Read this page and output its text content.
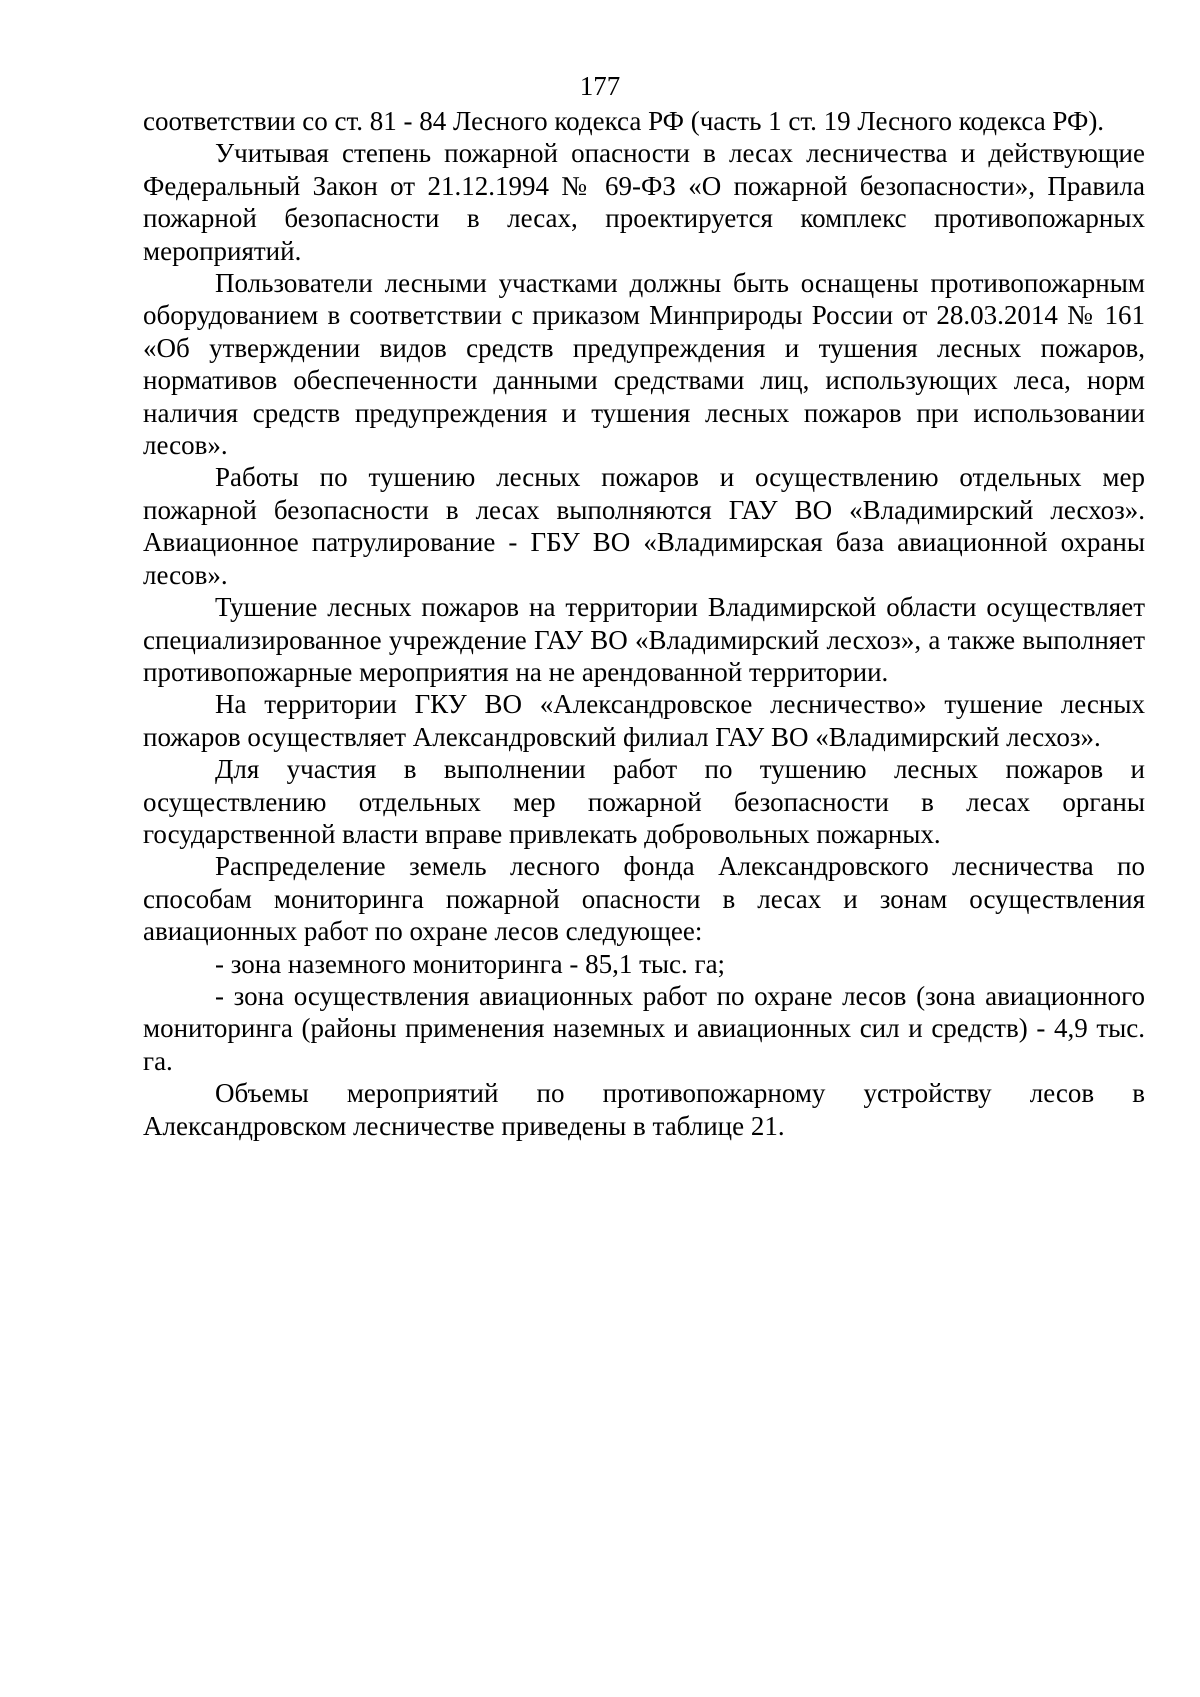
177

соответствии со ст. 81 - 84 Лесного кодекса РФ (часть 1 ст. 19 Лесного кодекса РФ).

Учитывая степень пожарной опасности в лесах лесничества и действующие Федеральный Закон от 21.12.1994 № 69-ФЗ «О пожарной безопасности», Правила пожарной безопасности в лесах, проектируется комплекс противопожарных мероприятий.

Пользователи лесными участками должны быть оснащены противопожарным оборудованием в соответствии с приказом Минприроды России от 28.03.2014 № 161 «Об утверждении видов средств предупреждения и тушения лесных пожаров, нормативов обеспеченности данными средствами лиц, использующих леса, норм наличия средств предупреждения и тушения лесных пожаров при использовании лесов».

Работы по тушению лесных пожаров и осуществлению отдельных мер пожарной безопасности в лесах выполняются ГАУ ВО «Владимирский лесхоз». Авиационное патрулирование - ГБУ ВО «Владимирская база авиационной охраны лесов».

Тушение лесных пожаров на территории Владимирской области осуществляет специализированное учреждение ГАУ ВО «Владимирский лесхоз», а также выполняет противопожарные мероприятия на не арендованной территории.

На территории ГКУ ВО «Александровское лесничество» тушение лесных пожаров осуществляет Александровский филиал ГАУ ВО «Владимирский лесхоз».

Для участия в выполнении работ по тушению лесных пожаров и осуществлению отдельных мер пожарной безопасности в лесах органы государственной власти вправе привлекать добровольных пожарных.

Распределение земель лесного фонда Александровского лесничества по способам мониторинга пожарной опасности в лесах и зонам осуществления авиационных работ по охране лесов следующее:

- зона наземного мониторинга - 85,1 тыс. га;

- зона осуществления авиационных работ по охране лесов (зона авиационного мониторинга (районы применения наземных и авиационных сил и средств) - 4,9 тыс. га.

Объемы мероприятий по противопожарному устройству лесов в Александровском лесничестве приведены в таблице 21.
